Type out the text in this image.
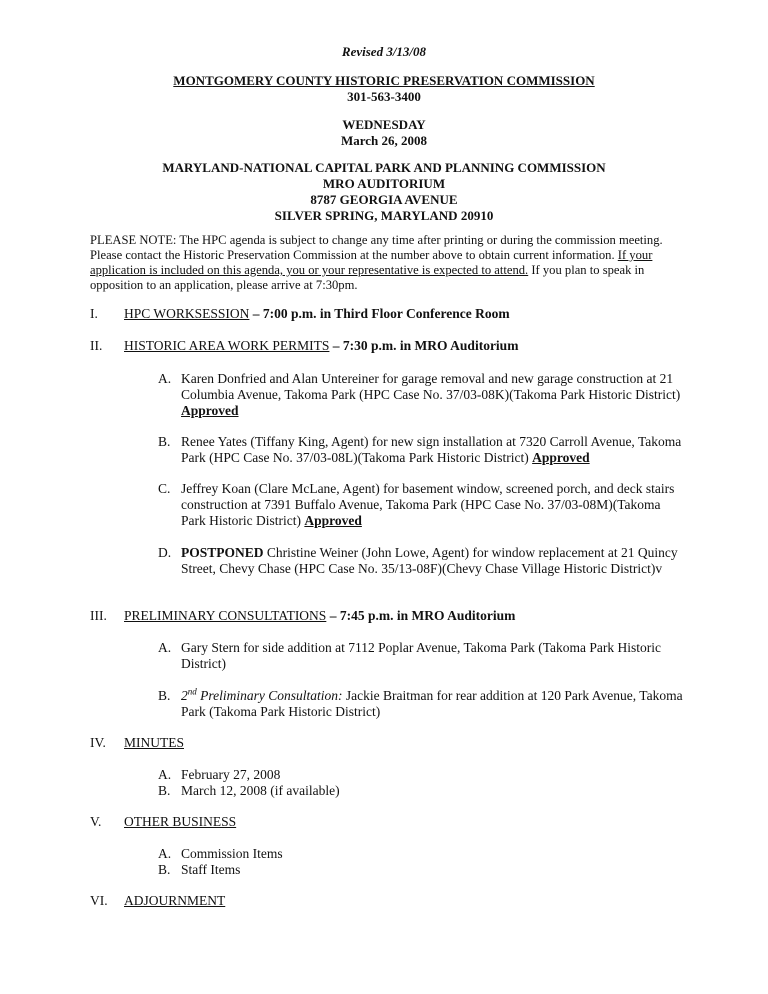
Revised 3/13/08
MONTGOMERY COUNTY HISTORIC PRESERVATION COMMISSION
301-563-3400
WEDNESDAY
March 26, 2008
MARYLAND-NATIONAL CAPITAL PARK AND PLANNING COMMISSION
MRO AUDITORIUM
8787 GEORGIA AVENUE
SILVER SPRING, MARYLAND 20910
PLEASE NOTE: The HPC agenda is subject to change any time after printing or during the commission meeting. Please contact the Historic Preservation Commission at the number above to obtain current information. If your application is included on this agenda, you or your representative is expected to attend. If you plan to speak in opposition to an application, please arrive at 7:30pm.
I. HPC WORKSESSION – 7:00 p.m. in Third Floor Conference Room
II. HISTORIC AREA WORK PERMITS – 7:30 p.m. in MRO Auditorium
A. Karen Donfried and Alan Untereiner for garage removal and new garage construction at 21 Columbia Avenue, Takoma Park (HPC Case No. 37/03-08K)(Takoma Park Historic District) Approved
B. Renee Yates (Tiffany King, Agent) for new sign installation at 7320 Carroll Avenue, Takoma Park (HPC Case No. 37/03-08L)(Takoma Park Historic District) Approved
C. Jeffrey Koan (Clare McLane, Agent) for basement window, screened porch, and deck stairs construction at 7391 Buffalo Avenue, Takoma Park (HPC Case No. 37/03-08M)(Takoma Park Historic District) Approved
D. POSTPONED Christine Weiner (John Lowe, Agent) for window replacement at 21 Quincy Street, Chevy Chase (HPC Case No. 35/13-08F)(Chevy Chase Village Historic District)v
III. PRELIMINARY CONSULTATIONS – 7:45 p.m. in MRO Auditorium
A. Gary Stern for side addition at 7112 Poplar Avenue, Takoma Park (Takoma Park Historic District)
B. 2nd Preliminary Consultation: Jackie Braitman for rear addition at 120 Park Avenue, Takoma Park (Takoma Park Historic District)
IV. MINUTES
A. February 27, 2008
B. March 12, 2008 (if available)
V. OTHER BUSINESS
A. Commission Items
B. Staff Items
VI. ADJOURNMENT
